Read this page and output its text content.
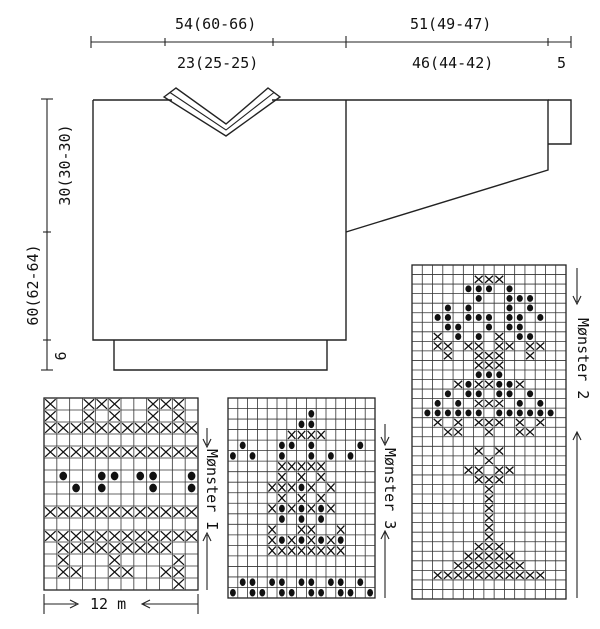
54(60-66)	51(49-47)
23(25-25)	46(44-42)	5
60(62-64)
30(30-30)
6
Mønster I
12 m
Mønster 3
Mønster 2
